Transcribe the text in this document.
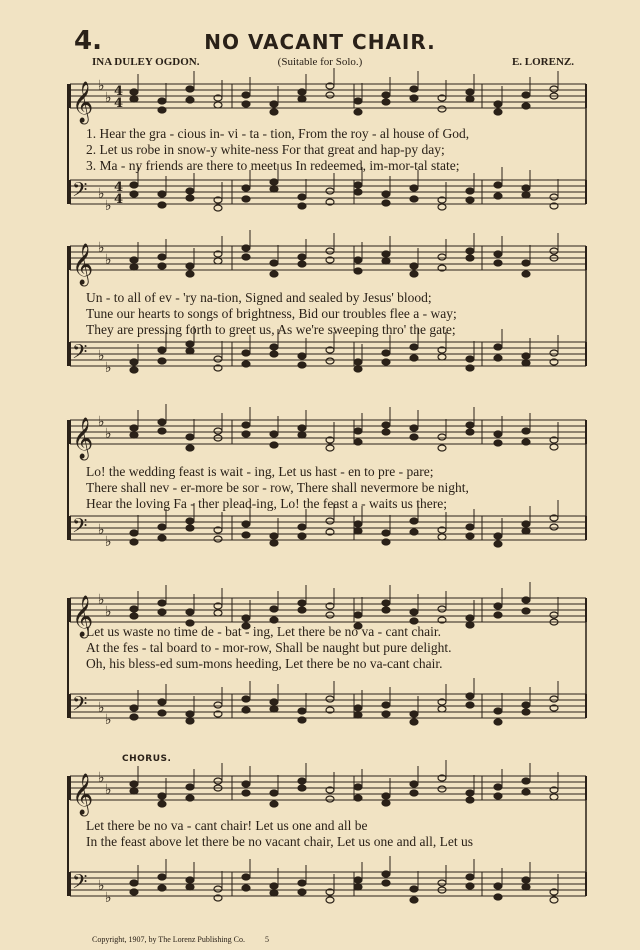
4.	NO VACANT CHAIR.
INA DULEY OGDON.	(Suitable for Solo.)	E. LORENZ.
𝄞 ♭
♭ 4
4
𝄢 ♭
♭
4
4
1. Hear the gra - cious in- vi - ta - tion, From the roy - al house of God,
2. Let us robe in snow-y white-ness For that great and hap-py day;
3. Ma - ny friends are there to meet us In redeemed, im-mor-tal state;
𝄞 ♭
♭
𝄢 ♭
♭
Un - to all of ev - 'ry na-tion, Signed and sealed by Jesus' blood;
Tune our hearts to songs of brightness, Bid our troubles flee a - way;
They are pressing forth to greet us, As we're sweeping thro' the gate;
𝄞 ♭
♭
𝄢 ♭
♭
Lo! the wedding feast is wait - ing, Let us hast - en to pre - pare;
There shall nev - er-more be sor - row, There shall nevermore be night,
Hear the loving Fa - ther plead-ing, Lo! the feast a - waits us there;
𝄞 ♭
♭
𝄢 ♭
♭
Let us waste no time de - bat - ing, Let there be no va - cant chair.
At the fes - tal board to - mor-row, Shall be naught but pure delight.
Oh, his bless-ed sum-mons heeding, Let there be no va-cant chair.
CHORUS.
𝄞 ♭
♭
𝄢 ♭
♭
Let there be no va - cant chair! Let us one and all be
In the feast above let there be no vacant chair, Let us one and all, Let us
Copyright, 1907, by The Lorenz Publishing Co.	5
